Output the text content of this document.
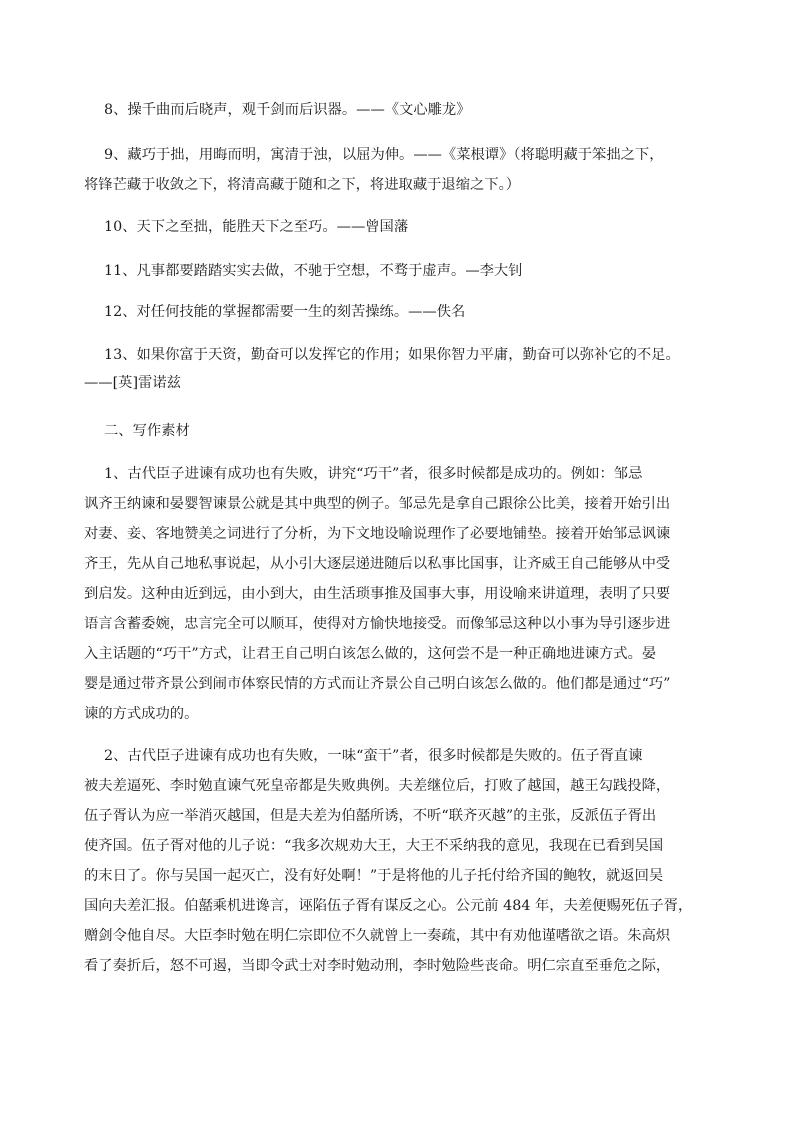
8、操千曲而后晓声，观千剑而后识器。——《文心雕龙》
9、藏巧于拙，用晦而明，寓清于浊，以屈为伸。——《菜根谭》（将聪明藏于笨拙之下，
将锋芒藏于收敛之下，将清高藏于随和之下，将进取藏于退缩之下。）
10、天下之至拙，能胜天下之至巧。——曾国藩
11、凡事都要踏踏实实去做，不驰于空想，不骛于虚声。—李大钊
12、对任何技能的掌握都需要一生的刻苦操练。——佚名
13、如果你富于天资，勤奋可以发挥它的作用；如果你智力平庸，勤奋可以弥补它的不足。
——[英]雷诺兹
二、写作素材
1、古代臣子进谏有成功也有失败，讲究“巧干”者，很多时候都是成功的。例如：邹忌
讽齐王纳谏和晏婴智谏景公就是其中典型的例子。邹忌先是拿自己跟徐公比美，接着开始引出
对妻、妾、客地赞美之词进行了分析，为下文地设喻说理作了必要地铺垫。接着开始邹忌讽谏
齐王，先从自己地私事说起，从小引大逐层递进随后以私事比国事，让齐威王自己能够从中受
到启发。这种由近到远，由小到大，由生活琐事推及国事大事，用设喻来讲道理，表明了只要
语言含蓄委婉，忠言完全可以顺耳，使得对方愉快地接受。而像邹忌这种以小事为导引逐步进
入主话题的“巧干”方式，让君王自己明白该怎么做的，这何尝不是一种正确地进谏方式。晏
婴是通过带齐景公到闹市体察民情的方式而让齐景公自己明白该怎么做的。他们都是通过“巧”
谏的方式成功的。
2、古代臣子进谏有成功也有失败，一味“蛮干”者，很多时候都是失败的。伍子胥直谏
被夫差逼死、李时勉直谏气死皇帝都是失败典例。夫差继位后，打败了越国，越王勾践投降，
伍子胥认为应一举消灭越国，但是夫差为伯嚭所诱，不听“联齐灭越”的主张，反派伍子胥出
使齐国。伍子胥对他的儿子说：“我多次规劝大王，大王不采纳我的意见，我现在已看到吴国
的末日了。你与吴国一起灭亡，没有好处啊！”于是将他的儿子托付给齐国的鲍牧，就返回吴
国向夫差汇报。伯嚭乘机进谗言，诬陷伍子胥有谋反之心。公元前 484 年，夫差便赐死伍子胥，
赠剑令他自尽。大臣李时勉在明仁宗即位不久就曾上一奏疏，其中有劝他谨嗜欲之语。朱高炽
看了奏折后，怒不可遏，当即令武士对李时勉动刑，李时勉险些丧命。明仁宗直至垂危之际，
